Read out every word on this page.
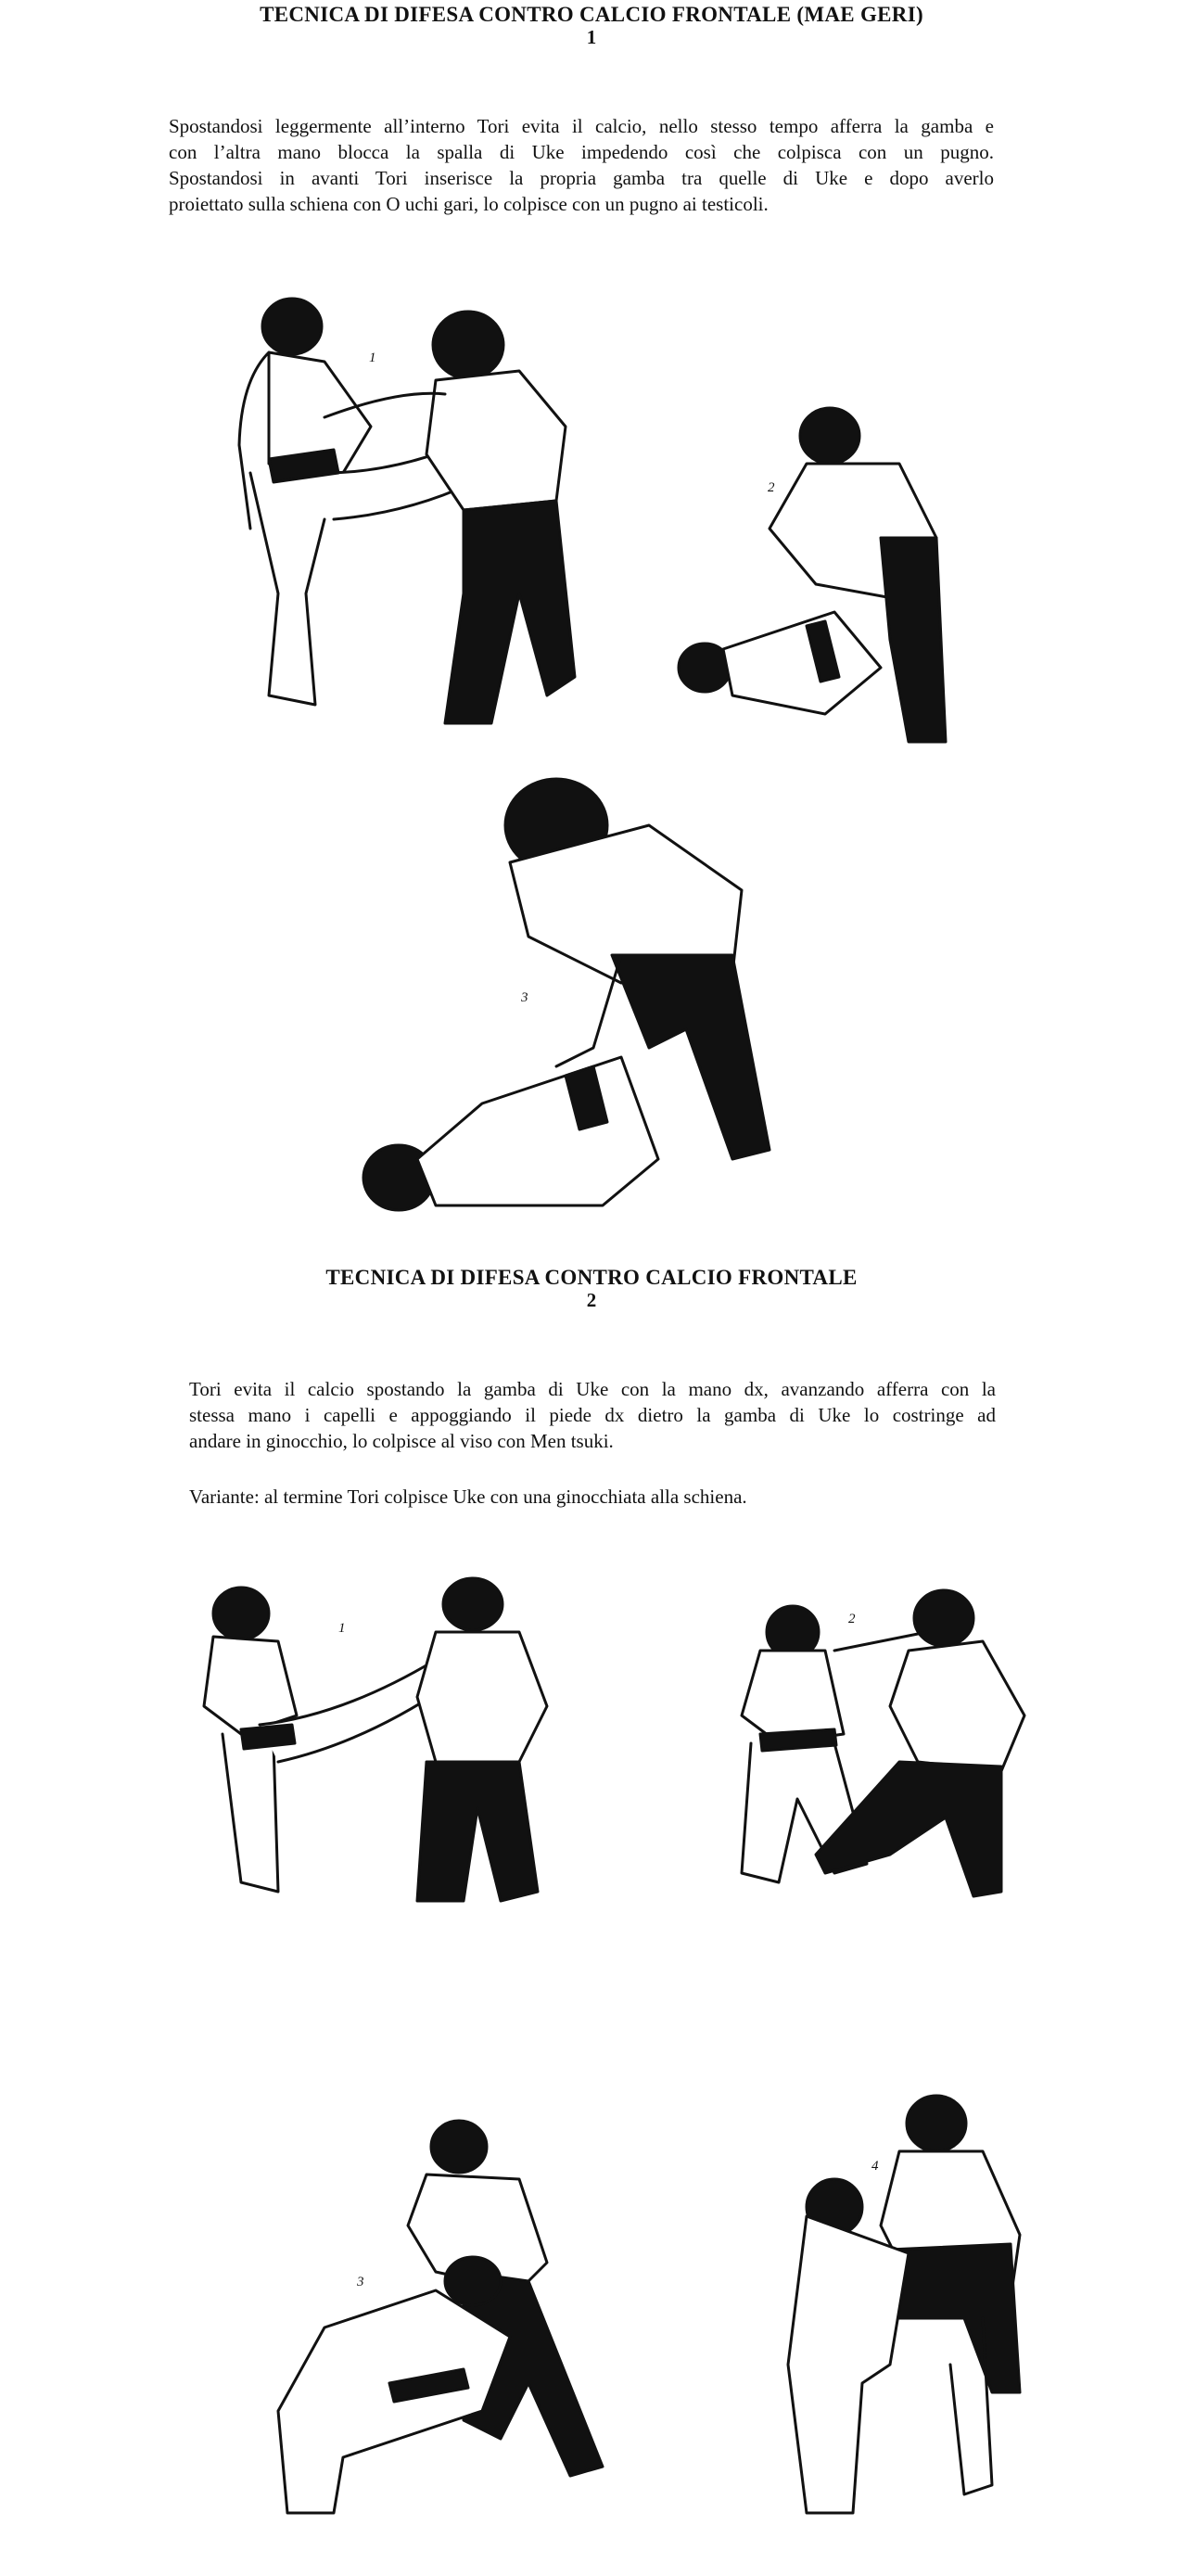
TECNICA DI DIFESA CONTRO CALCIO FRONTALE (MAE GERI)
1
Spostandosi leggermente all’interno Tori evita il calcio, nello stesso tempo afferra la gamba e
con l’altra mano blocca la spalla di Uke impedendo così che colpisca con un pugno.
Spostandosi in avanti Tori inserisce la propria gamba tra quelle di Uke e dopo averlo
proiettato sulla schiena con O uchi gari, lo colpisce con un pugno ai testicoli.
1
2
3
TECNICA DI DIFESA CONTRO CALCIO FRONTALE
2
Tori evita il calcio spostando la gamba di Uke con la mano dx, avanzando afferra con la
stessa mano i capelli e appoggiando il piede dx dietro la gamba di Uke lo costringe ad
andare in ginocchio, lo colpisce al viso con Men tsuki.
Variante: al termine Tori colpisce Uke con una ginocchiata alla schiena.
1
2
3
4
